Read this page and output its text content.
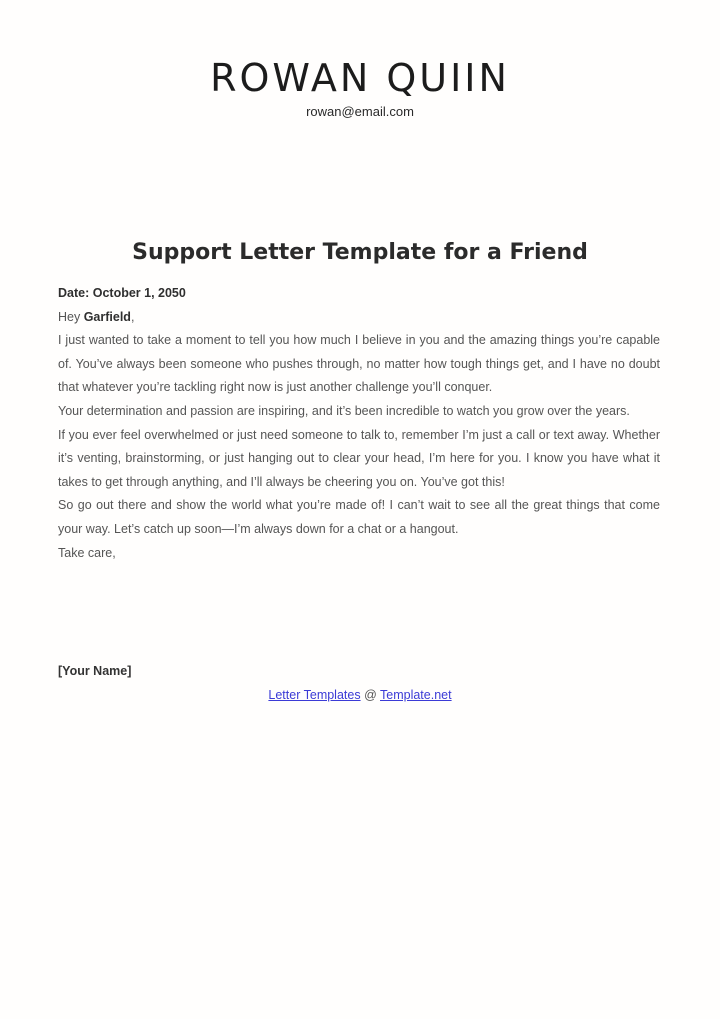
ROWAN QUIIN
rowan@email.com
Support Letter Template for a Friend

Date: October 1, 2050

Hey Garfield,

I just wanted to take a moment to tell you how much I believe in you and the amazing things you’re capable of. You’ve always been someone who pushes through, no matter how tough things get, and I have no doubt that whatever you’re tackling right now is just another challenge you’ll conquer.

Your determination and passion are inspiring, and it’s been incredible to watch you grow over the years.

If you ever feel overwhelmed or just need someone to talk to, remember I’m just a call or text away. Whether it’s venting, brainstorming, or just hanging out to clear your head, I’m here for you. I know you have what it takes to get through anything, and I’ll always be cheering you on. You’ve got this!

So go out there and show the world what you’re made of! I can’t wait to see all the great things that come your way. Let’s catch up soon—I’m always down for a chat or a hangout.

Take care,

[Your Name]
Letter Templates @ Template.net
